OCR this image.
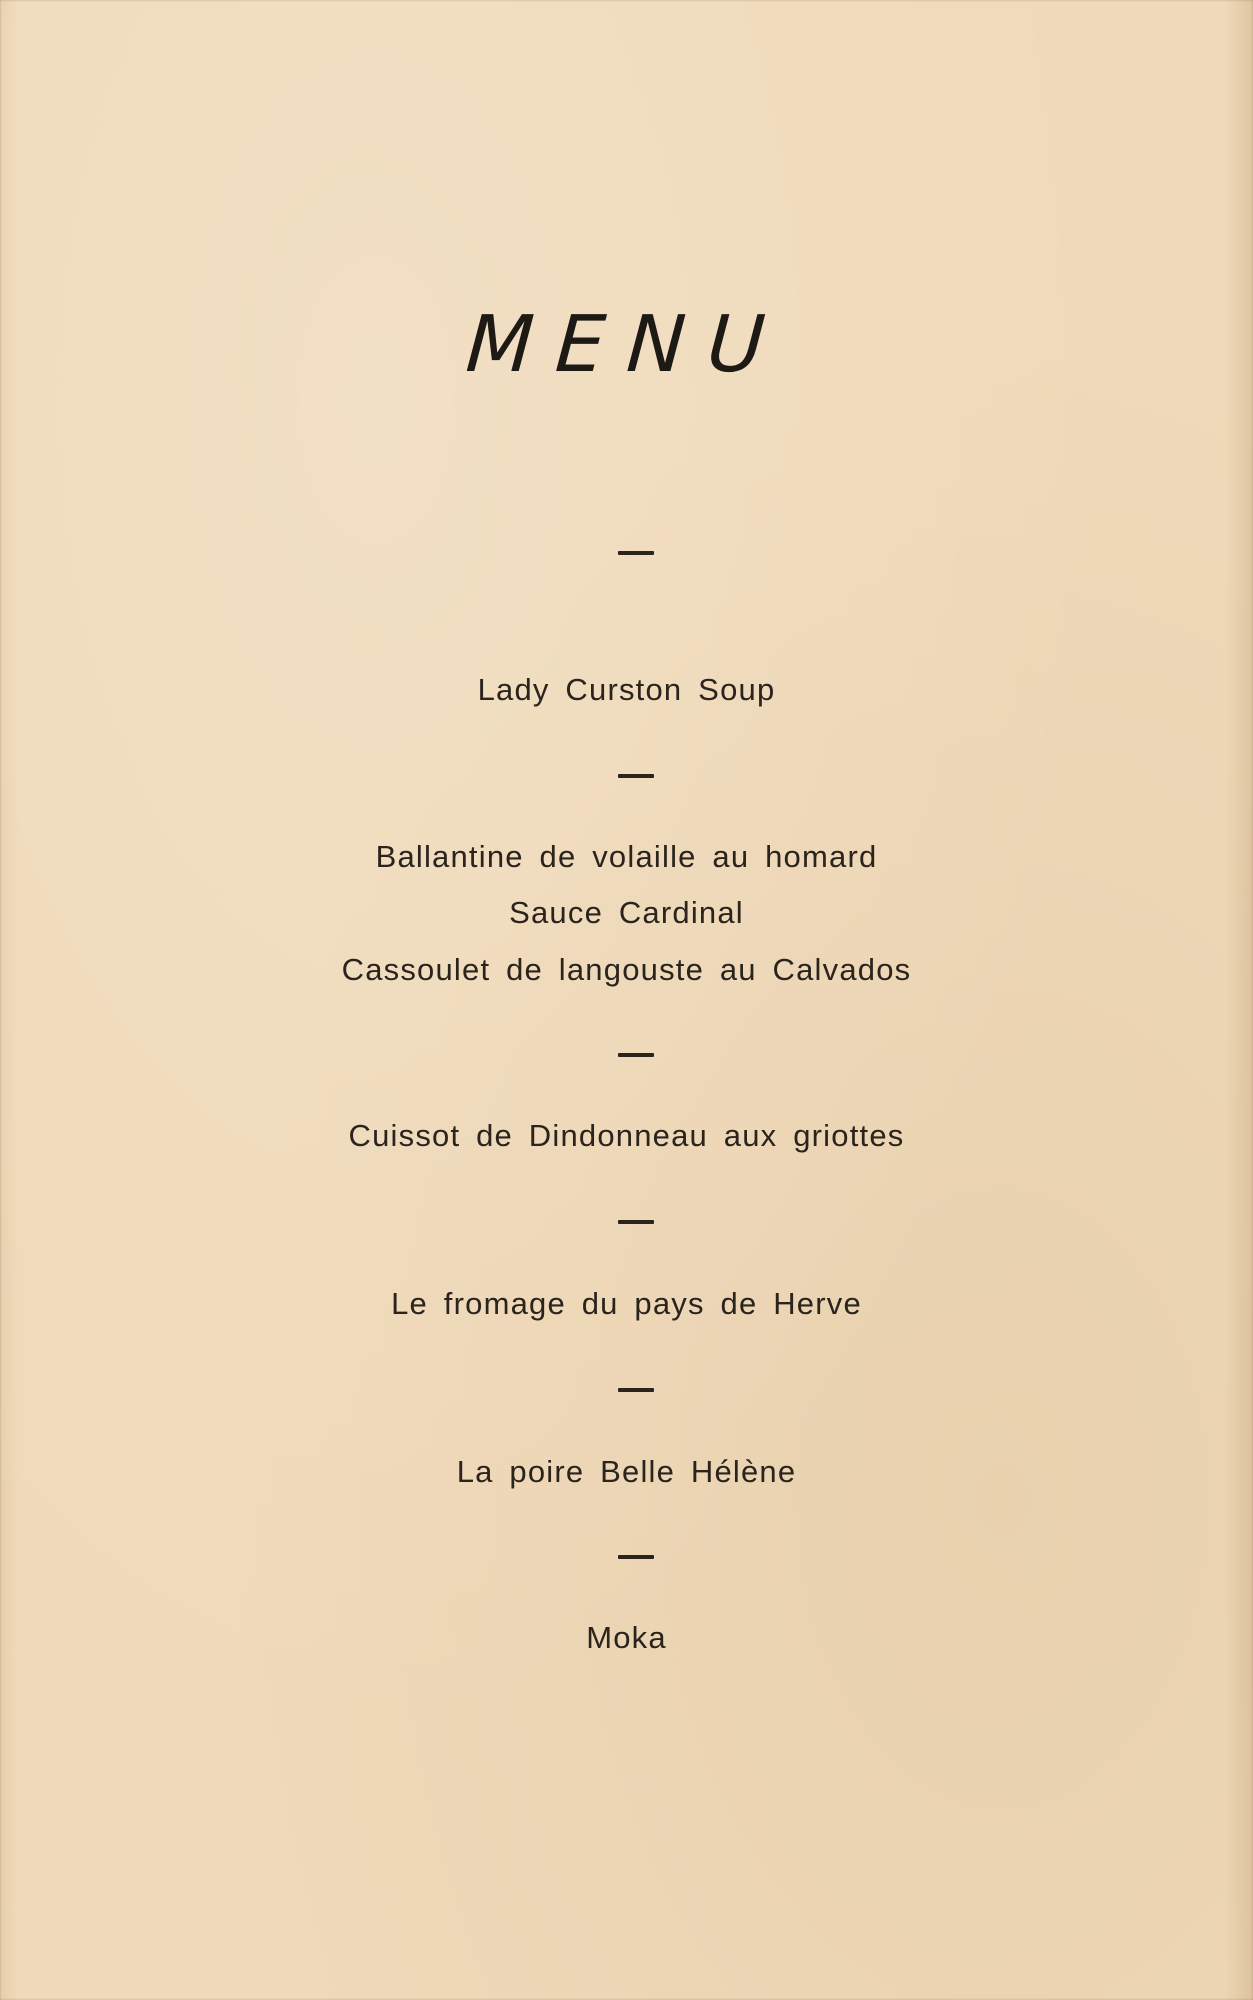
MENU
Lady Curston Soup
Ballantine de volaille au homard
Sauce Cardinal
Cassoulet de langouste au Calvados
Cuissot de Dindonneau aux griottes
Le fromage du pays de Herve
La poire Belle Hélène
Moka
